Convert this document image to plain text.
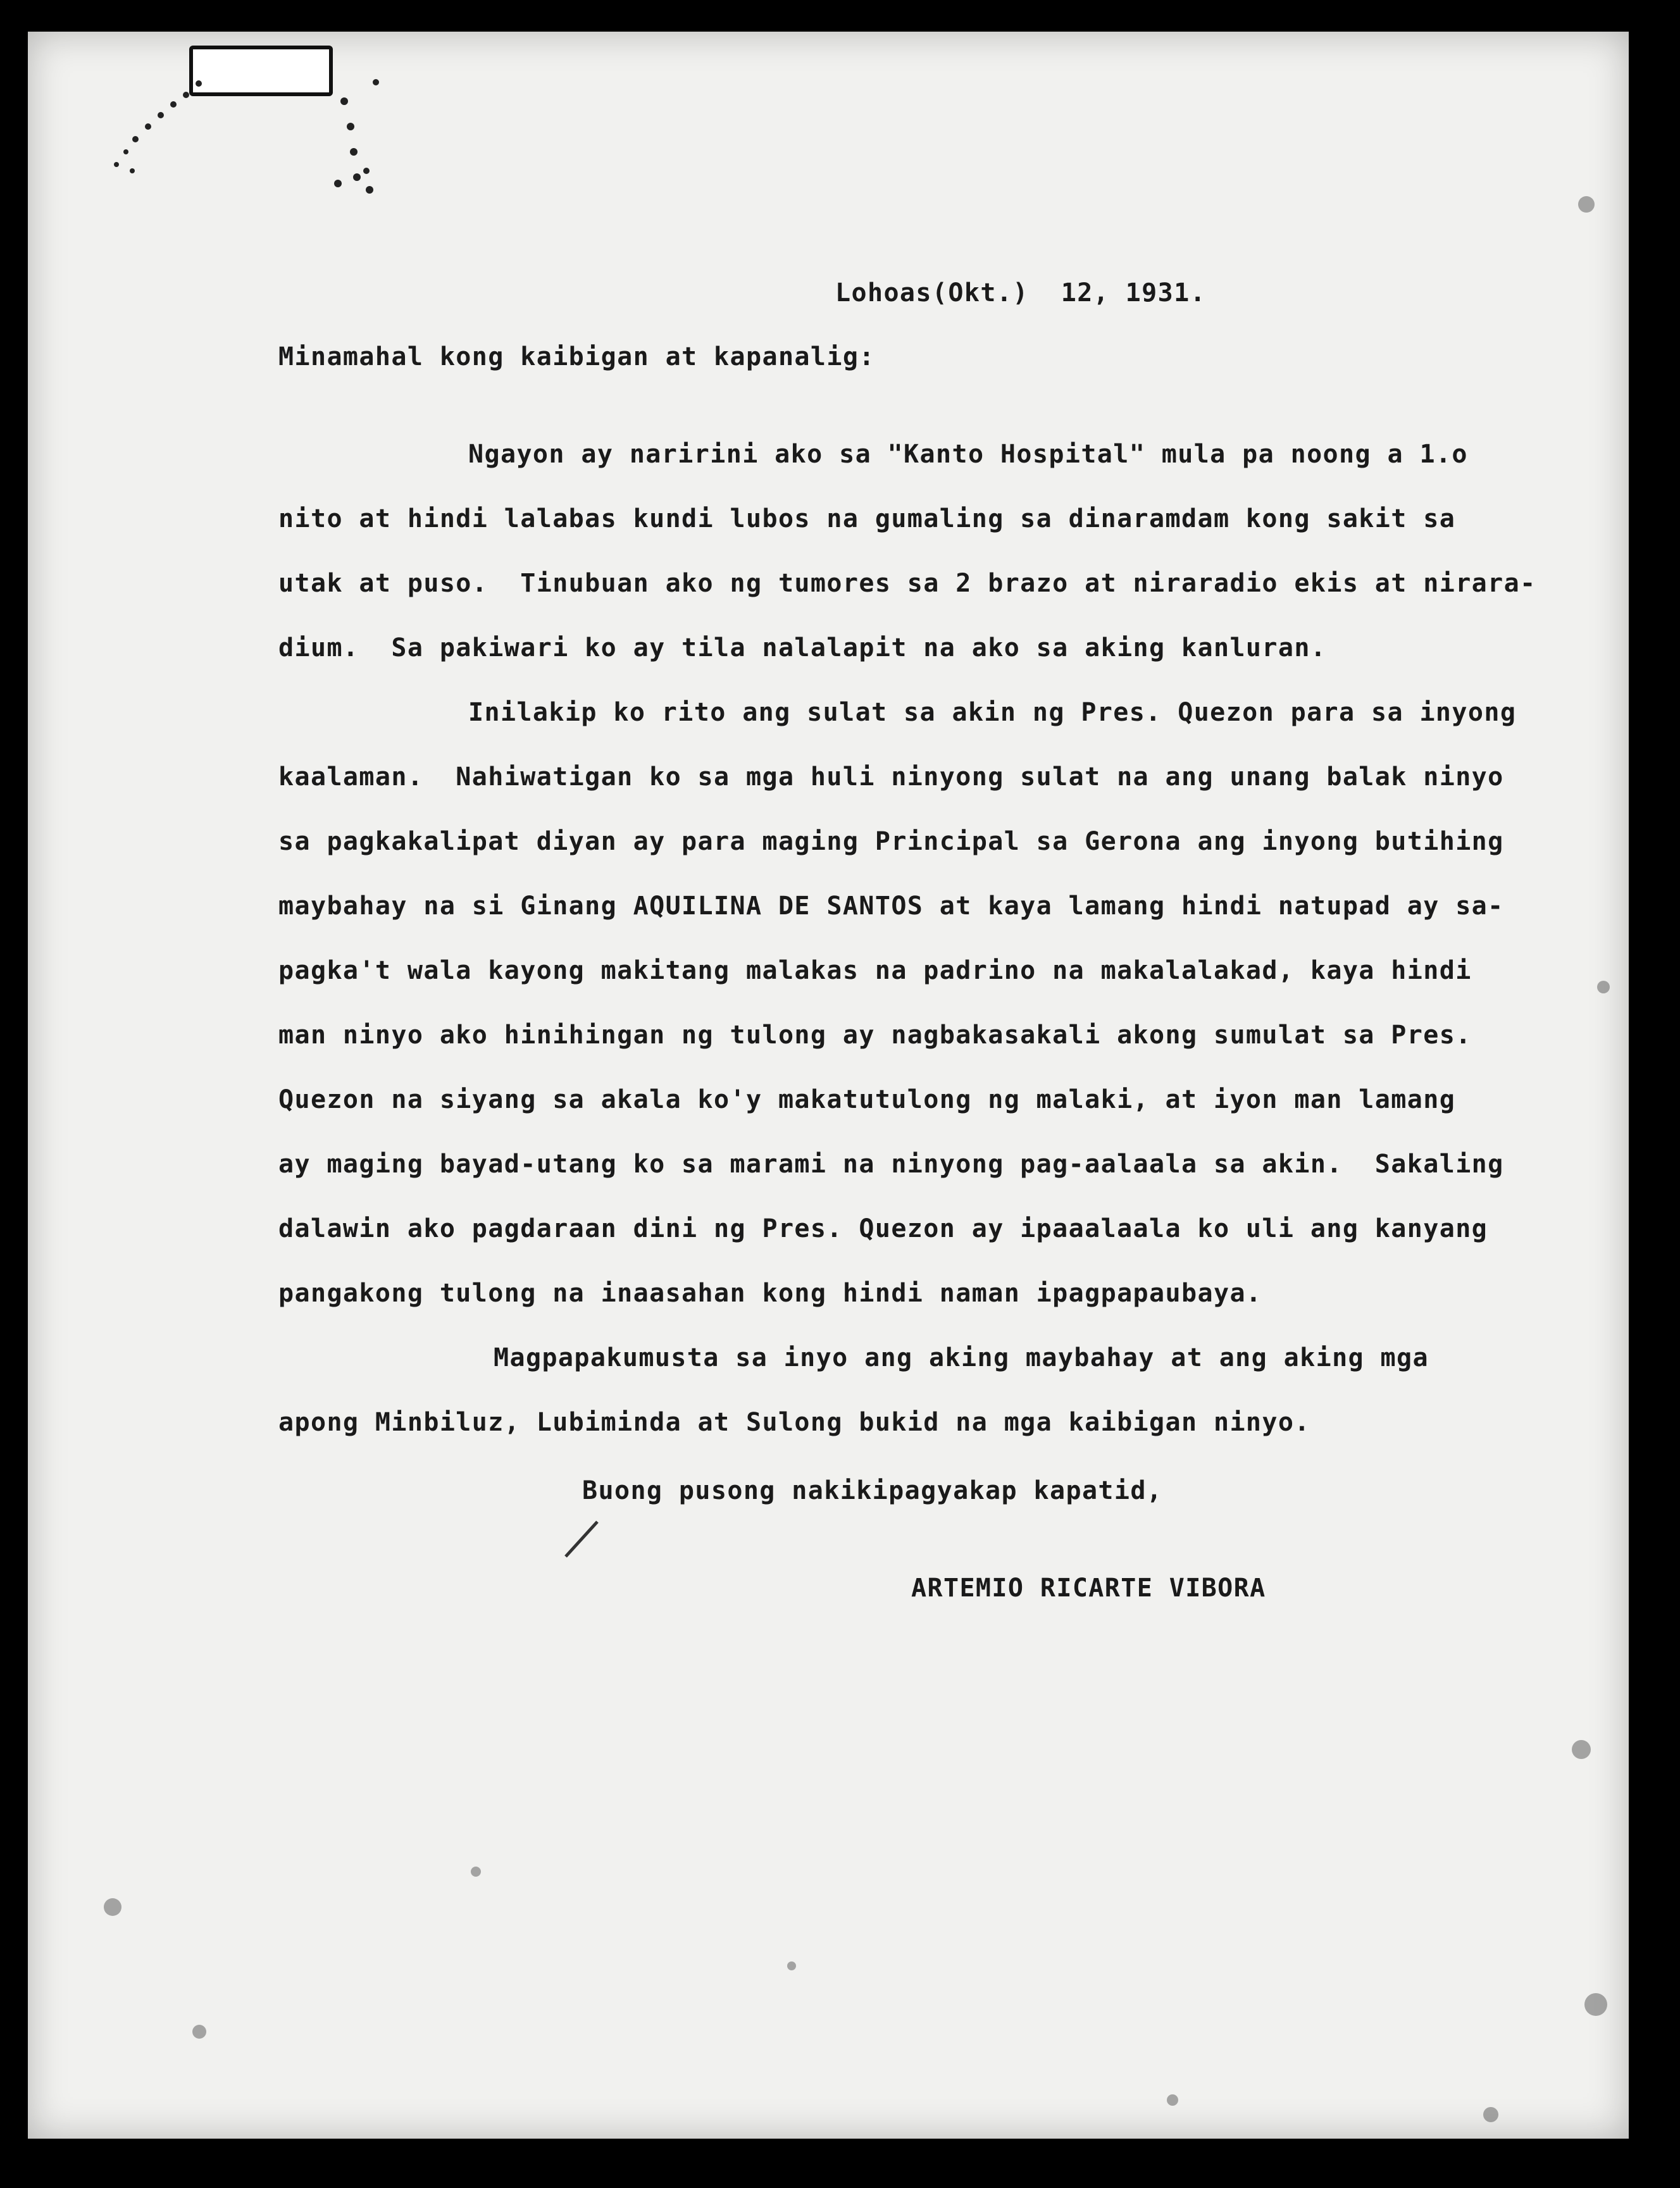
Lohoas(Okt.)  12, 1931.

Minamahal kong kaibigan at kapanalig:

Ngayon ay naririni ako sa "Kanto Hospital" mula pa noong a 1.o
nito at hindi lalabas kundi lubos na gumaling sa dinaramdam kong sakit sa
utak at puso.  Tinubuan ako ng tumores sa 2 brazo at niraradio ekis at nirara-
dium.  Sa pakiwari ko ay tila nalalapit na ako sa aking kanluran.
Inilakip ko rito ang sulat sa akin ng Pres. Quezon para sa inyong
kaalaman.  Nahiwatigan ko sa mga huli ninyong sulat na ang unang balak ninyo
sa pagkakalipat diyan ay para maging Principal sa Gerona ang inyong butihing
maybahay na si Ginang AQUILINA DE SANTOS at kaya lamang hindi natupad ay sa-
pagka't wala kayong makitang malakas na padrino na makalalakad, kaya hindi
man ninyo ako hinihingan ng tulong ay nagbakasakali akong sumulat sa Pres.
Quezon na siyang sa akala ko'y makatutulong ng malaki, at iyon man lamang
ay maging bayad-utang ko sa marami na ninyong pag-aalaala sa akin.  Sakaling
dalawin ako pagdaraan dini ng Pres. Quezon ay ipaaalaala ko uli ang kanyang
pangakong tulong na inaasahan kong hindi naman ipagpapaubaya.
Magpapakumusta sa inyo ang aking maybahay at ang aking mga
apong Minbiluz, Lubiminda at Sulong bukid na mga kaibigan ninyo.

Buong pusong nakikipagyakap kapatid,

ARTEMIO RICARTE VIBORA
